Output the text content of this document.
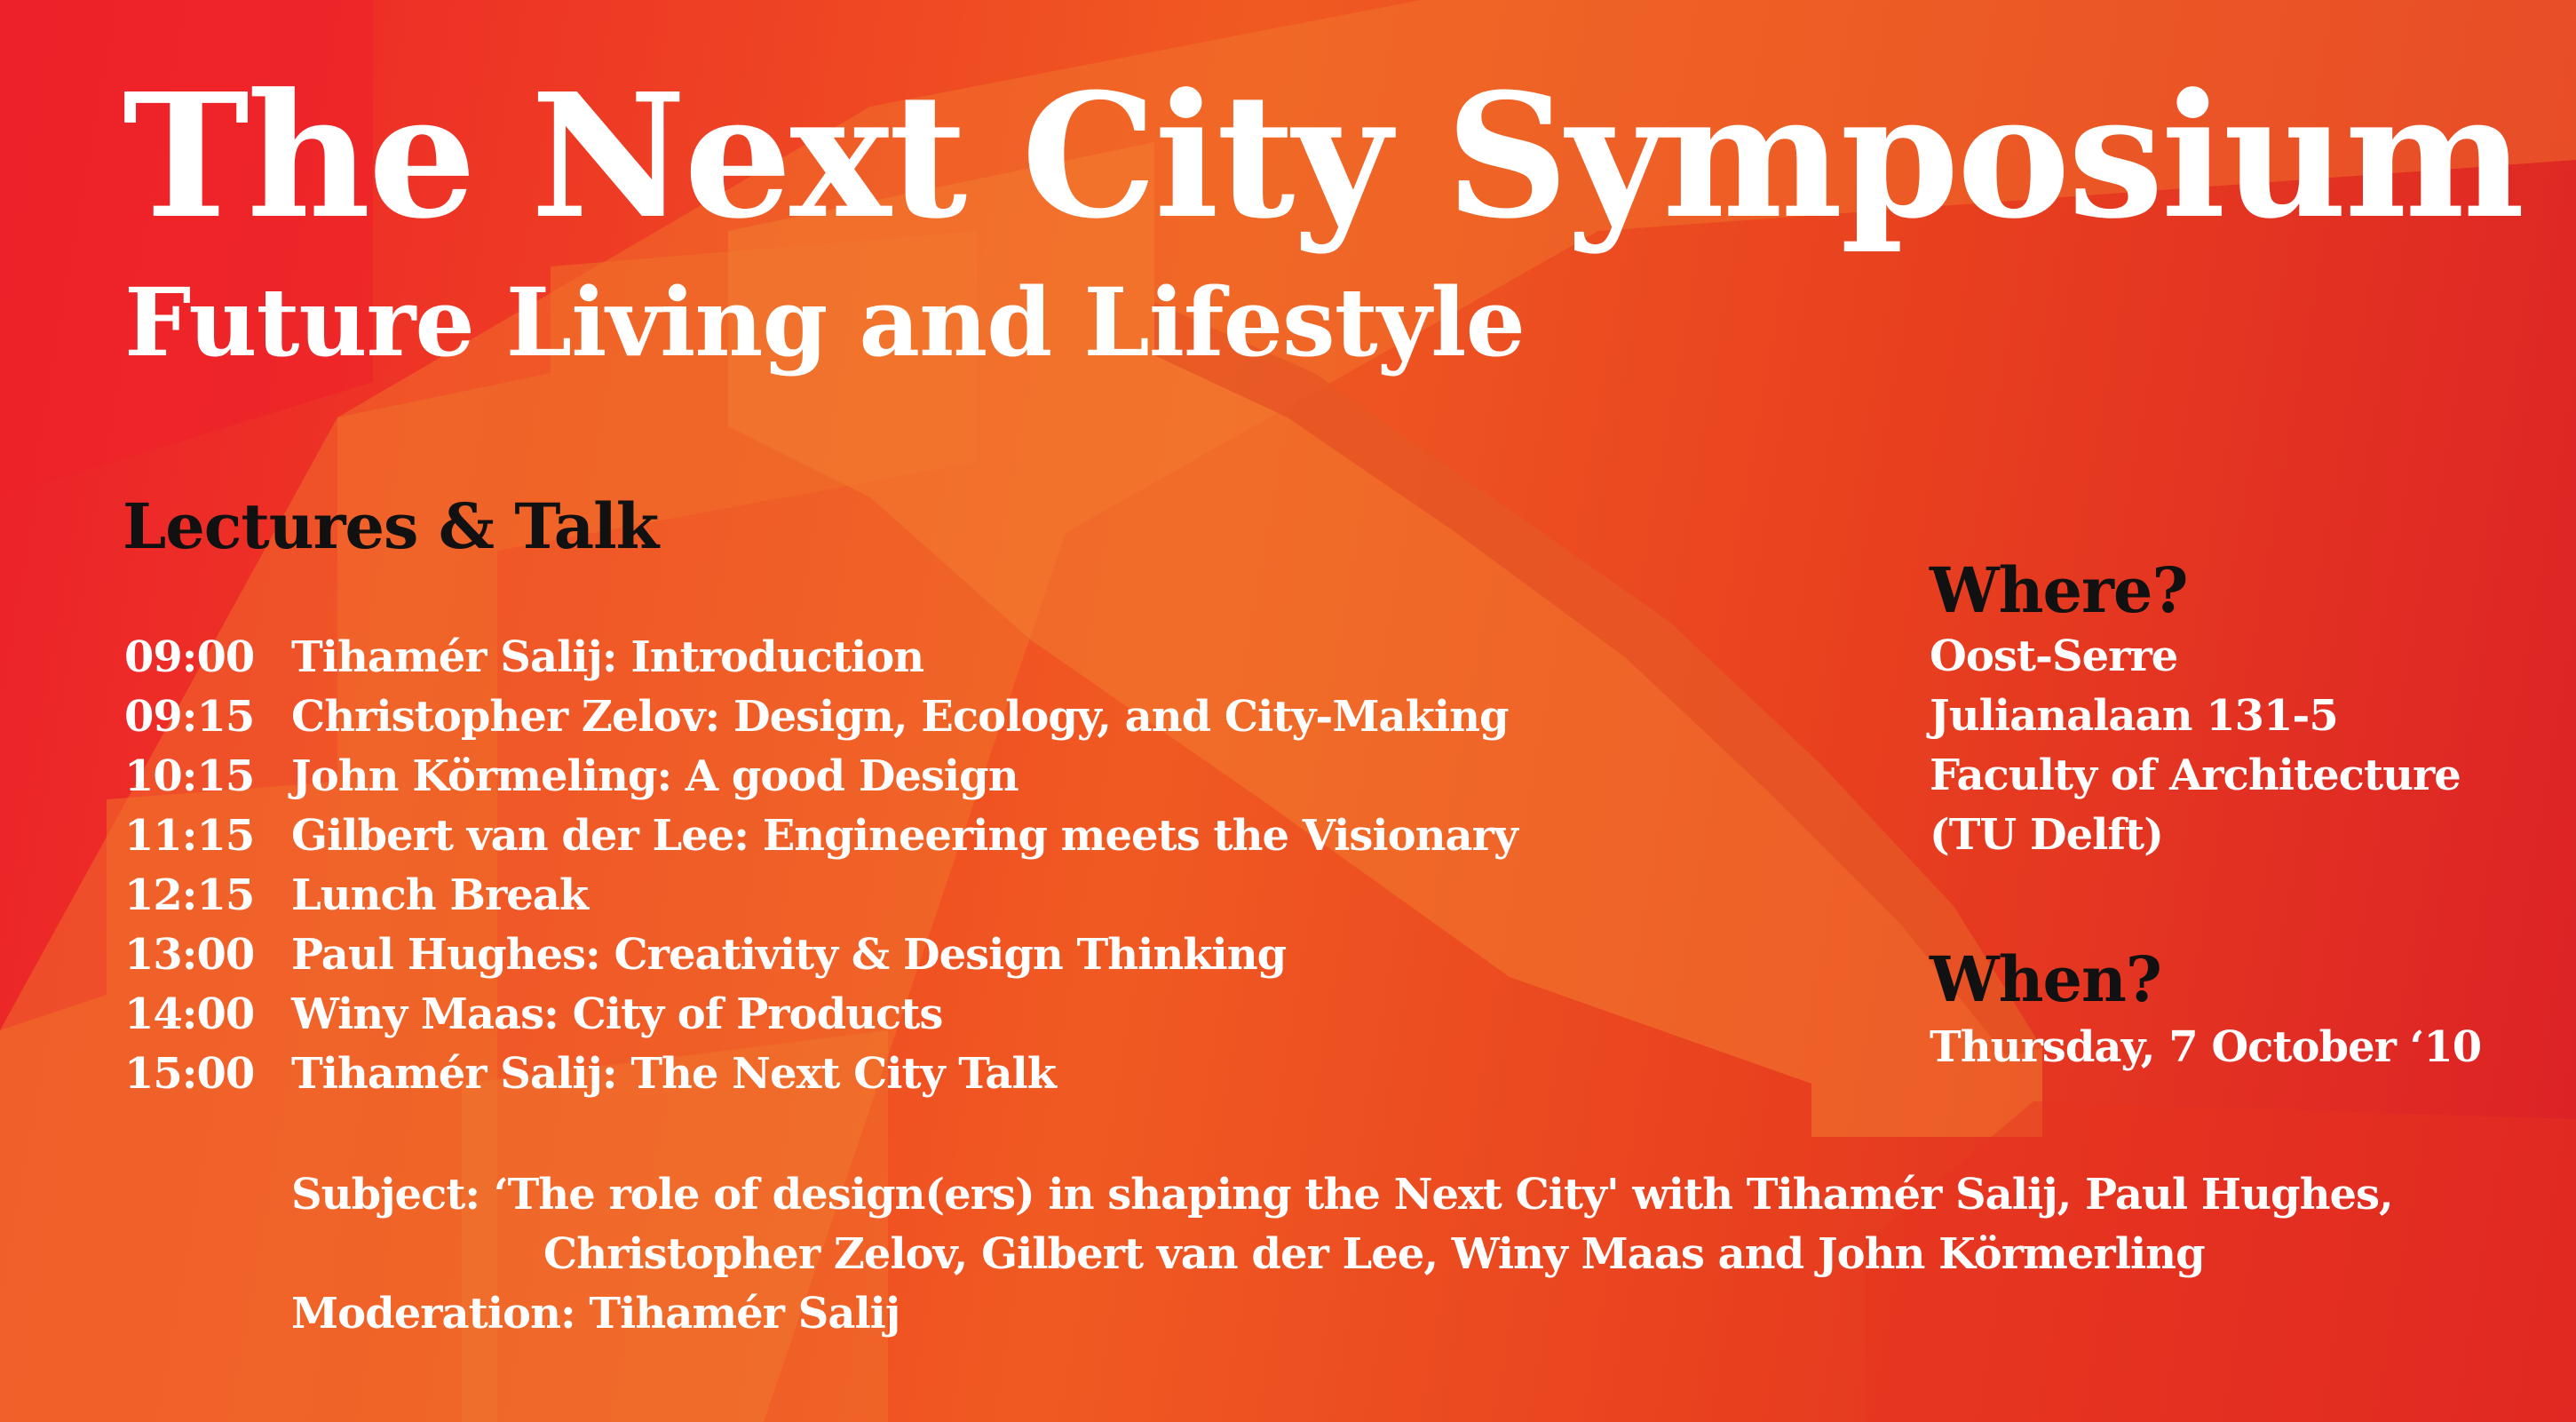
The Next City Symposium
Future Living and Lifestyle
Lectures & Talk
09:00 Tihamér Salij: Introduction
09:15 Christopher Zelov: Design, Ecology, and City-Making
10:15 John Körmeling: A good Design
11:15 Gilbert van der Lee: Engineering meets the Visionary
12:15 Lunch Break
13:00 Paul Hughes: Creativity & Design Thinking
14:00 Winy Maas: City of Products
15:00 Tihamér Salij: The Next City Talk
Where?
Oost-Serre
Julianalaan 131-5
Faculty of Architecture
(TU Delft)
When?
Thursday, 7 October ‘10
Subject: ‘The role of design(ers) in shaping the Next City' with Tihamér Salij, Paul Hughes,
Christopher Zelov, Gilbert van der Lee, Winy Maas and John Körmerling
Moderation: Tihamér Salij
